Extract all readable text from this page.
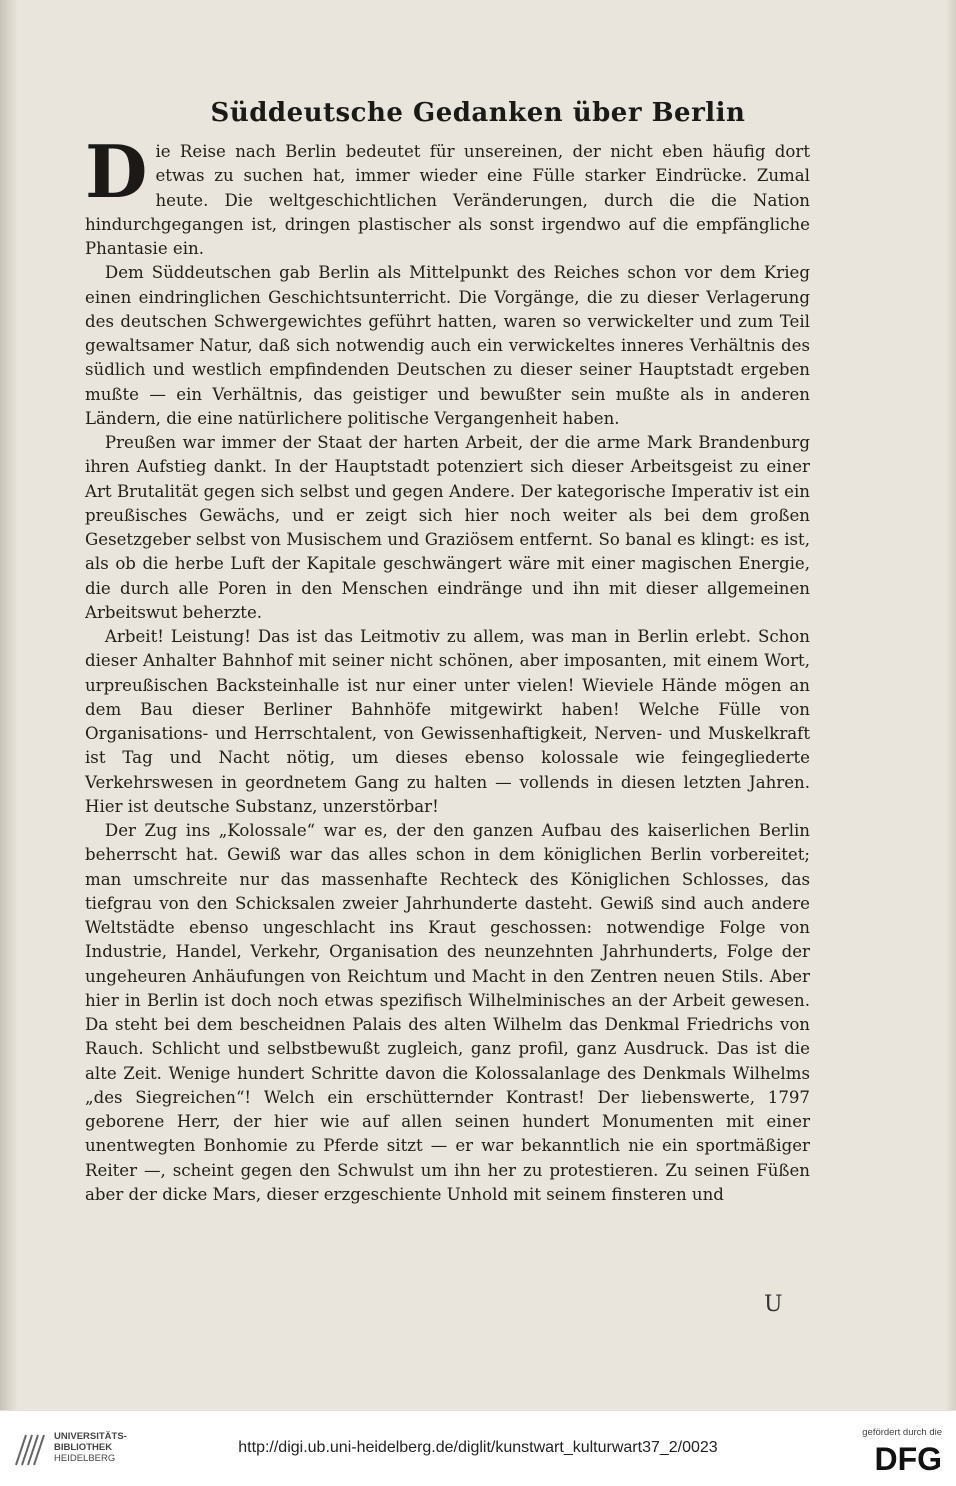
Süddeutsche Gedanken über Berlin

Die Reise nach Berlin bedeutet für unsereinen, der nicht eben häufig dort etwas zu suchen hat, immer wieder eine Fülle starker Eindrücke. Zumal heute. Die weltgeschichtlichen Veränderungen, durch die die Nation hindurchgegangen ist, dringen plastischer als sonst irgendwo auf die empfängliche Phantasie ein.

Dem Süddeutschen gab Berlin als Mittelpunkt des Reiches schon vor dem Krieg einen eindringlichen Geschichtsunterricht. Die Vorgänge, die zu dieser Verlagerung des deutschen Schwergewichtes geführt hatten, waren so verwickelter und zum Teil gewaltsamer Natur, daß sich notwendig auch ein verwickeltes inneres Verhältnis des südlich und westlich empfindenden Deutschen zu dieser seiner Hauptstadt ergeben mußte — ein Verhältnis, das geistiger und bewußter sein mußte als in anderen Ländern, die eine natürlichere politische Vergangenheit haben.

Preußen war immer der Staat der harten Arbeit, der die arme Mark Brandenburg ihren Aufstieg dankt. In der Hauptstadt potenziert sich dieser Arbeitsgeist zu einer Art Brutalität gegen sich selbst und gegen Andere. Der kategorische Imperativ ist ein preußisches Gewächs, und er zeigt sich hier noch weiter als bei dem großen Gesetzgeber selbst von Musischem und Graziösem entfernt. So banal es klingt: es ist, als ob die herbe Luft der Kapitale geschwängert wäre mit einer magischen Energie, die durch alle Poren in den Menschen eindränge und ihn mit dieser allgemeinen Arbeitswut beherzte.

Arbeit! Leistung! Das ist das Leitmotiv zu allem, was man in Berlin erlebt. Schon dieser Anhalter Bahnhof mit seiner nicht schönen, aber imposanten, mit einem Wort, urpreußischen Backsteinhalle ist nur einer unter vielen! Wieviele Hände mögen an dem Bau dieser Berliner Bahnhöfe mitgewirkt haben! Welche Fülle von Organisations- und Herrschtalent, von Gewissenhaftigkeit, Nerven- und Muskelkraft ist Tag und Nacht nötig, um dieses ebenso kolossale wie feingegliederte Verkehrswesen in geordnetem Gang zu halten — vollends in diesen letzten Jahren. Hier ist deutsche Substanz, unzerstörbar!

Der Zug ins „Kolossale“ war es, der den ganzen Aufbau des kaiserlichen Berlin beherrscht hat. Gewiß war das alles schon in dem königlichen Berlin vorbereitet; man umschreite nur das massenhafte Rechteck des Königlichen Schlosses, das tiefgrau von den Schicksalen zweier Jahrhunderte dasteht. Gewiß sind auch andere Weltstädte ebenso ungeschlacht ins Kraut geschossen: notwendige Folge von Industrie, Handel, Verkehr, Organisation des neunzehnten Jahrhunderts, Folge der ungeheuren Anhäufungen von Reichtum und Macht in den Zentren neuen Stils. Aber hier in Berlin ist doch noch etwas spezifisch Wilhelminisches an der Arbeit gewesen. Da steht bei dem bescheidnen Palais des alten Wilhelm das Denkmal Friedrichs von Rauch. Schlicht und selbstbewußt zugleich, ganz profil, ganz Ausdruck. Das ist die alte Zeit. Wenige hundert Schritte davon die Kolossalanlage des Denkmals Wilhelms „des Siegreichen“! Welch ein erschütternder Kontrast! Der liebenswerte, 1797 geborene Herr, der hier wie auf allen seinen hundert Monumenten mit einer unentwegten Bonhomie zu Pferde sitzt — er war bekanntlich nie ein sportmäßiger Reiter —, scheint gegen den Schwulst um ihn her zu protestieren. Zu seinen Füßen aber der dicke Mars, dieser erzgeschiente Unhold mit seinem finsteren und

U
UNIVERSITÄTS-
BIBLIOTHEK
HEIDELBERG
http://digi.ub.uni-heidelberg.de/diglit/kunstwart_kulturwart37_2/0023
gefördert durch die
DFG
